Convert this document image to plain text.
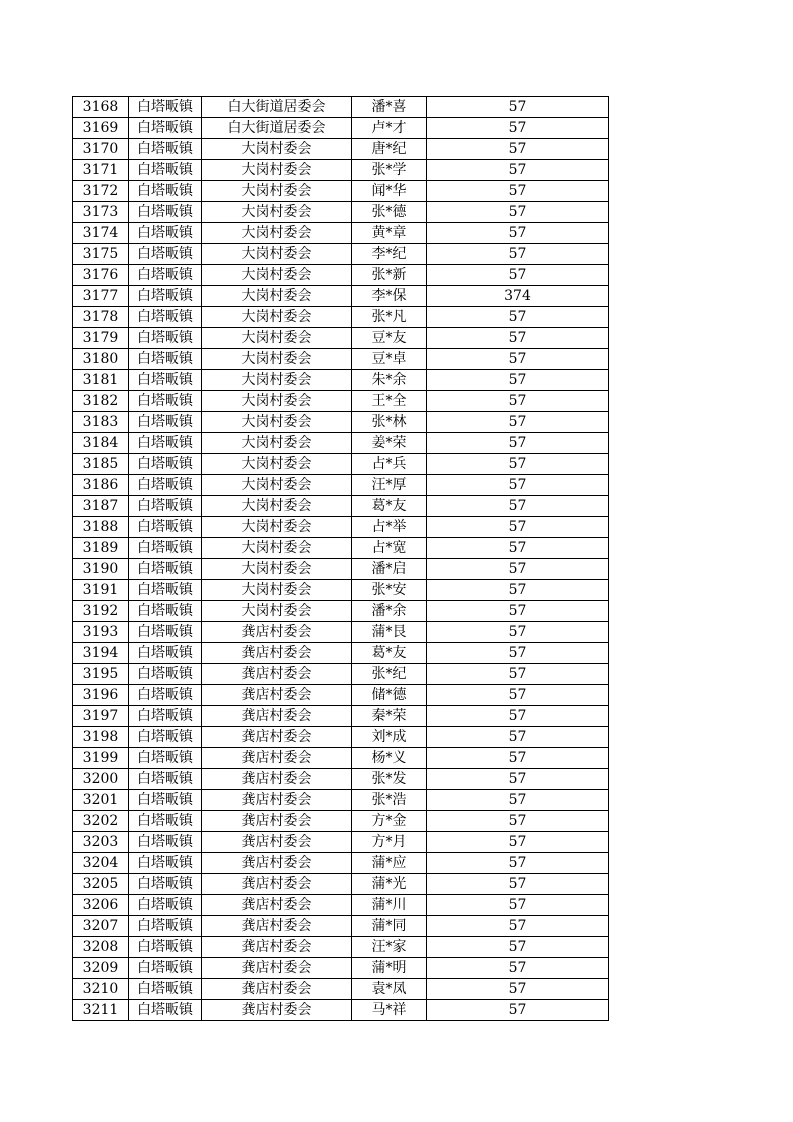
3168	白塔畈镇	白大街道居委会	潘*喜	57
3169	白塔畈镇	白大街道居委会	卢*才	57
3170	白塔畈镇	大岗村委会	唐*纪	57
3171	白塔畈镇	大岗村委会	张*学	57
3172	白塔畈镇	大岗村委会	闻*华	57
3173	白塔畈镇	大岗村委会	张*德	57
3174	白塔畈镇	大岗村委会	黄*章	57
3175	白塔畈镇	大岗村委会	李*纪	57
3176	白塔畈镇	大岗村委会	张*新	57
3177	白塔畈镇	大岗村委会	李*保	374
3178	白塔畈镇	大岗村委会	张*凡	57
3179	白塔畈镇	大岗村委会	豆*友	57
3180	白塔畈镇	大岗村委会	豆*卓	57
3181	白塔畈镇	大岗村委会	朱*余	57
3182	白塔畈镇	大岗村委会	王*全	57
3183	白塔畈镇	大岗村委会	张*林	57
3184	白塔畈镇	大岗村委会	姜*荣	57
3185	白塔畈镇	大岗村委会	占*兵	57
3186	白塔畈镇	大岗村委会	汪*厚	57
3187	白塔畈镇	大岗村委会	葛*友	57
3188	白塔畈镇	大岗村委会	占*举	57
3189	白塔畈镇	大岗村委会	占*宽	57
3190	白塔畈镇	大岗村委会	潘*启	57
3191	白塔畈镇	大岗村委会	张*安	57
3192	白塔畈镇	大岗村委会	潘*余	57
3193	白塔畈镇	龚店村委会	蒲*艮	57
3194	白塔畈镇	龚店村委会	葛*友	57
3195	白塔畈镇	龚店村委会	张*纪	57
3196	白塔畈镇	龚店村委会	储*德	57
3197	白塔畈镇	龚店村委会	秦*荣	57
3198	白塔畈镇	龚店村委会	刘*成	57
3199	白塔畈镇	龚店村委会	杨*义	57
3200	白塔畈镇	龚店村委会	张*发	57
3201	白塔畈镇	龚店村委会	张*浩	57
3202	白塔畈镇	龚店村委会	方*金	57
3203	白塔畈镇	龚店村委会	方*月	57
3204	白塔畈镇	龚店村委会	蒲*应	57
3205	白塔畈镇	龚店村委会	蒲*光	57
3206	白塔畈镇	龚店村委会	蒲*川	57
3207	白塔畈镇	龚店村委会	蒲*同	57
3208	白塔畈镇	龚店村委会	汪*家	57
3209	白塔畈镇	龚店村委会	蒲*明	57
3210	白塔畈镇	龚店村委会	袁*凤	57
3211	白塔畈镇	龚店村委会	马*祥	57
